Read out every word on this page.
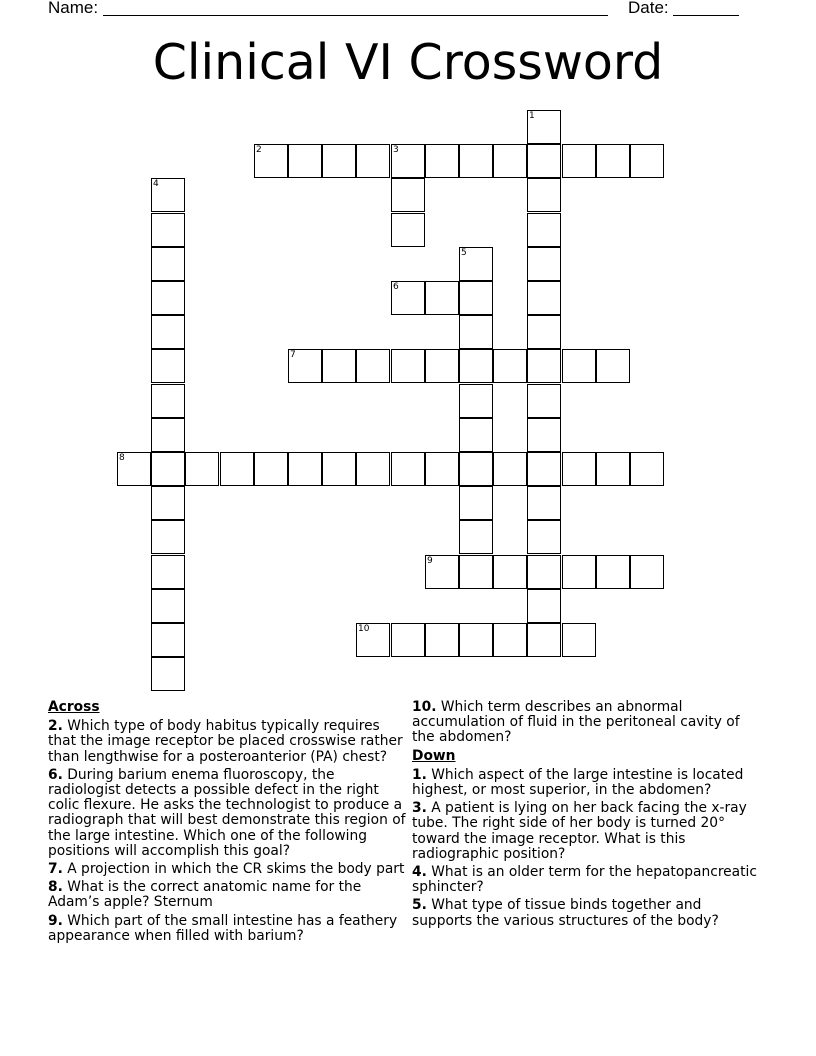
Name:	Date:
Clinical VI Crossword
2	3
6
7
8
9
10
1
4
5
Across
2. Which type of body habitus typically requires that the image receptor be placed crosswise rather than lengthwise for a posteroanterior (PA) chest?
6. During barium enema fluoroscopy, the radiologist detects a possible defect in the right colic flexure. He asks the technologist to produce a radiograph that will best demonstrate this region of the large intestine. Which one of the following positions will accomplish this goal?
7. A projection in which the CR skims the body part
8. What is the correct anatomic name for the Adam’s apple? Sternum
9. Which part of the small intestine has a feathery appearance when filled with barium?
10. Which term describes an abnormal accumulation of fluid in the peritoneal cavity of the abdomen?
Down
1. Which aspect of the large intestine is located highest, or most superior, in the abdomen?
3. A patient is lying on her back facing the x-ray tube. The right side of her body is turned 20° toward the image receptor. What is this radiographic position?
4. What is an older term for the hepatopancreatic sphincter?
5. What type of tissue binds together and supports the various structures of the body?
